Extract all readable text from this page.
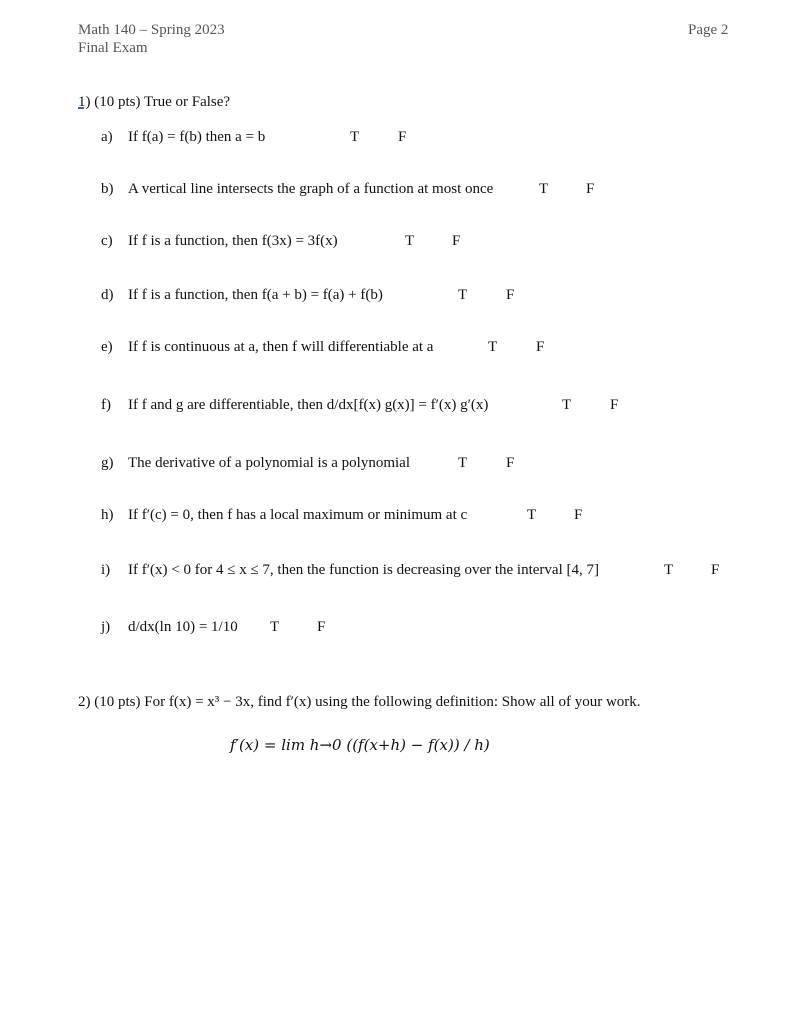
Math 140 – Spring 2023
Final Exam
Page 2
1) (10 pts) True or False?
a) If f(a) = f(b) then a = b	T	F
b) A vertical line intersects the graph of a function at most once	T	F
c) If f is a function, then f(3x) = 3f(x)	T	F
d) If f is a function, then f(a + b) = f(a) + f(b)	T	F
e) If f is continuous at a, then f will differentiable at a	T	F
f) If f and g are differentiable, then d/dx[f(x) g(x)] = f′(x) g′(x)	T	F
g) The derivative of a polynomial is a polynomial	T	F
h) If f′(c) = 0, then f has a local maximum or minimum at c	T	F
i) If f′(x) < 0 for 4 ≤ x ≤ 7, then the function is decreasing over the interval [4, 7]	T	F
j) d/dx(ln 10) = 1/10 T	F
2) (10 pts) For f(x) = x³ − 3x, find f′(x) using the following definition: Show all of your work.
f′(x) = lim h→0 ((f(x+h) − f(x)) / h)
